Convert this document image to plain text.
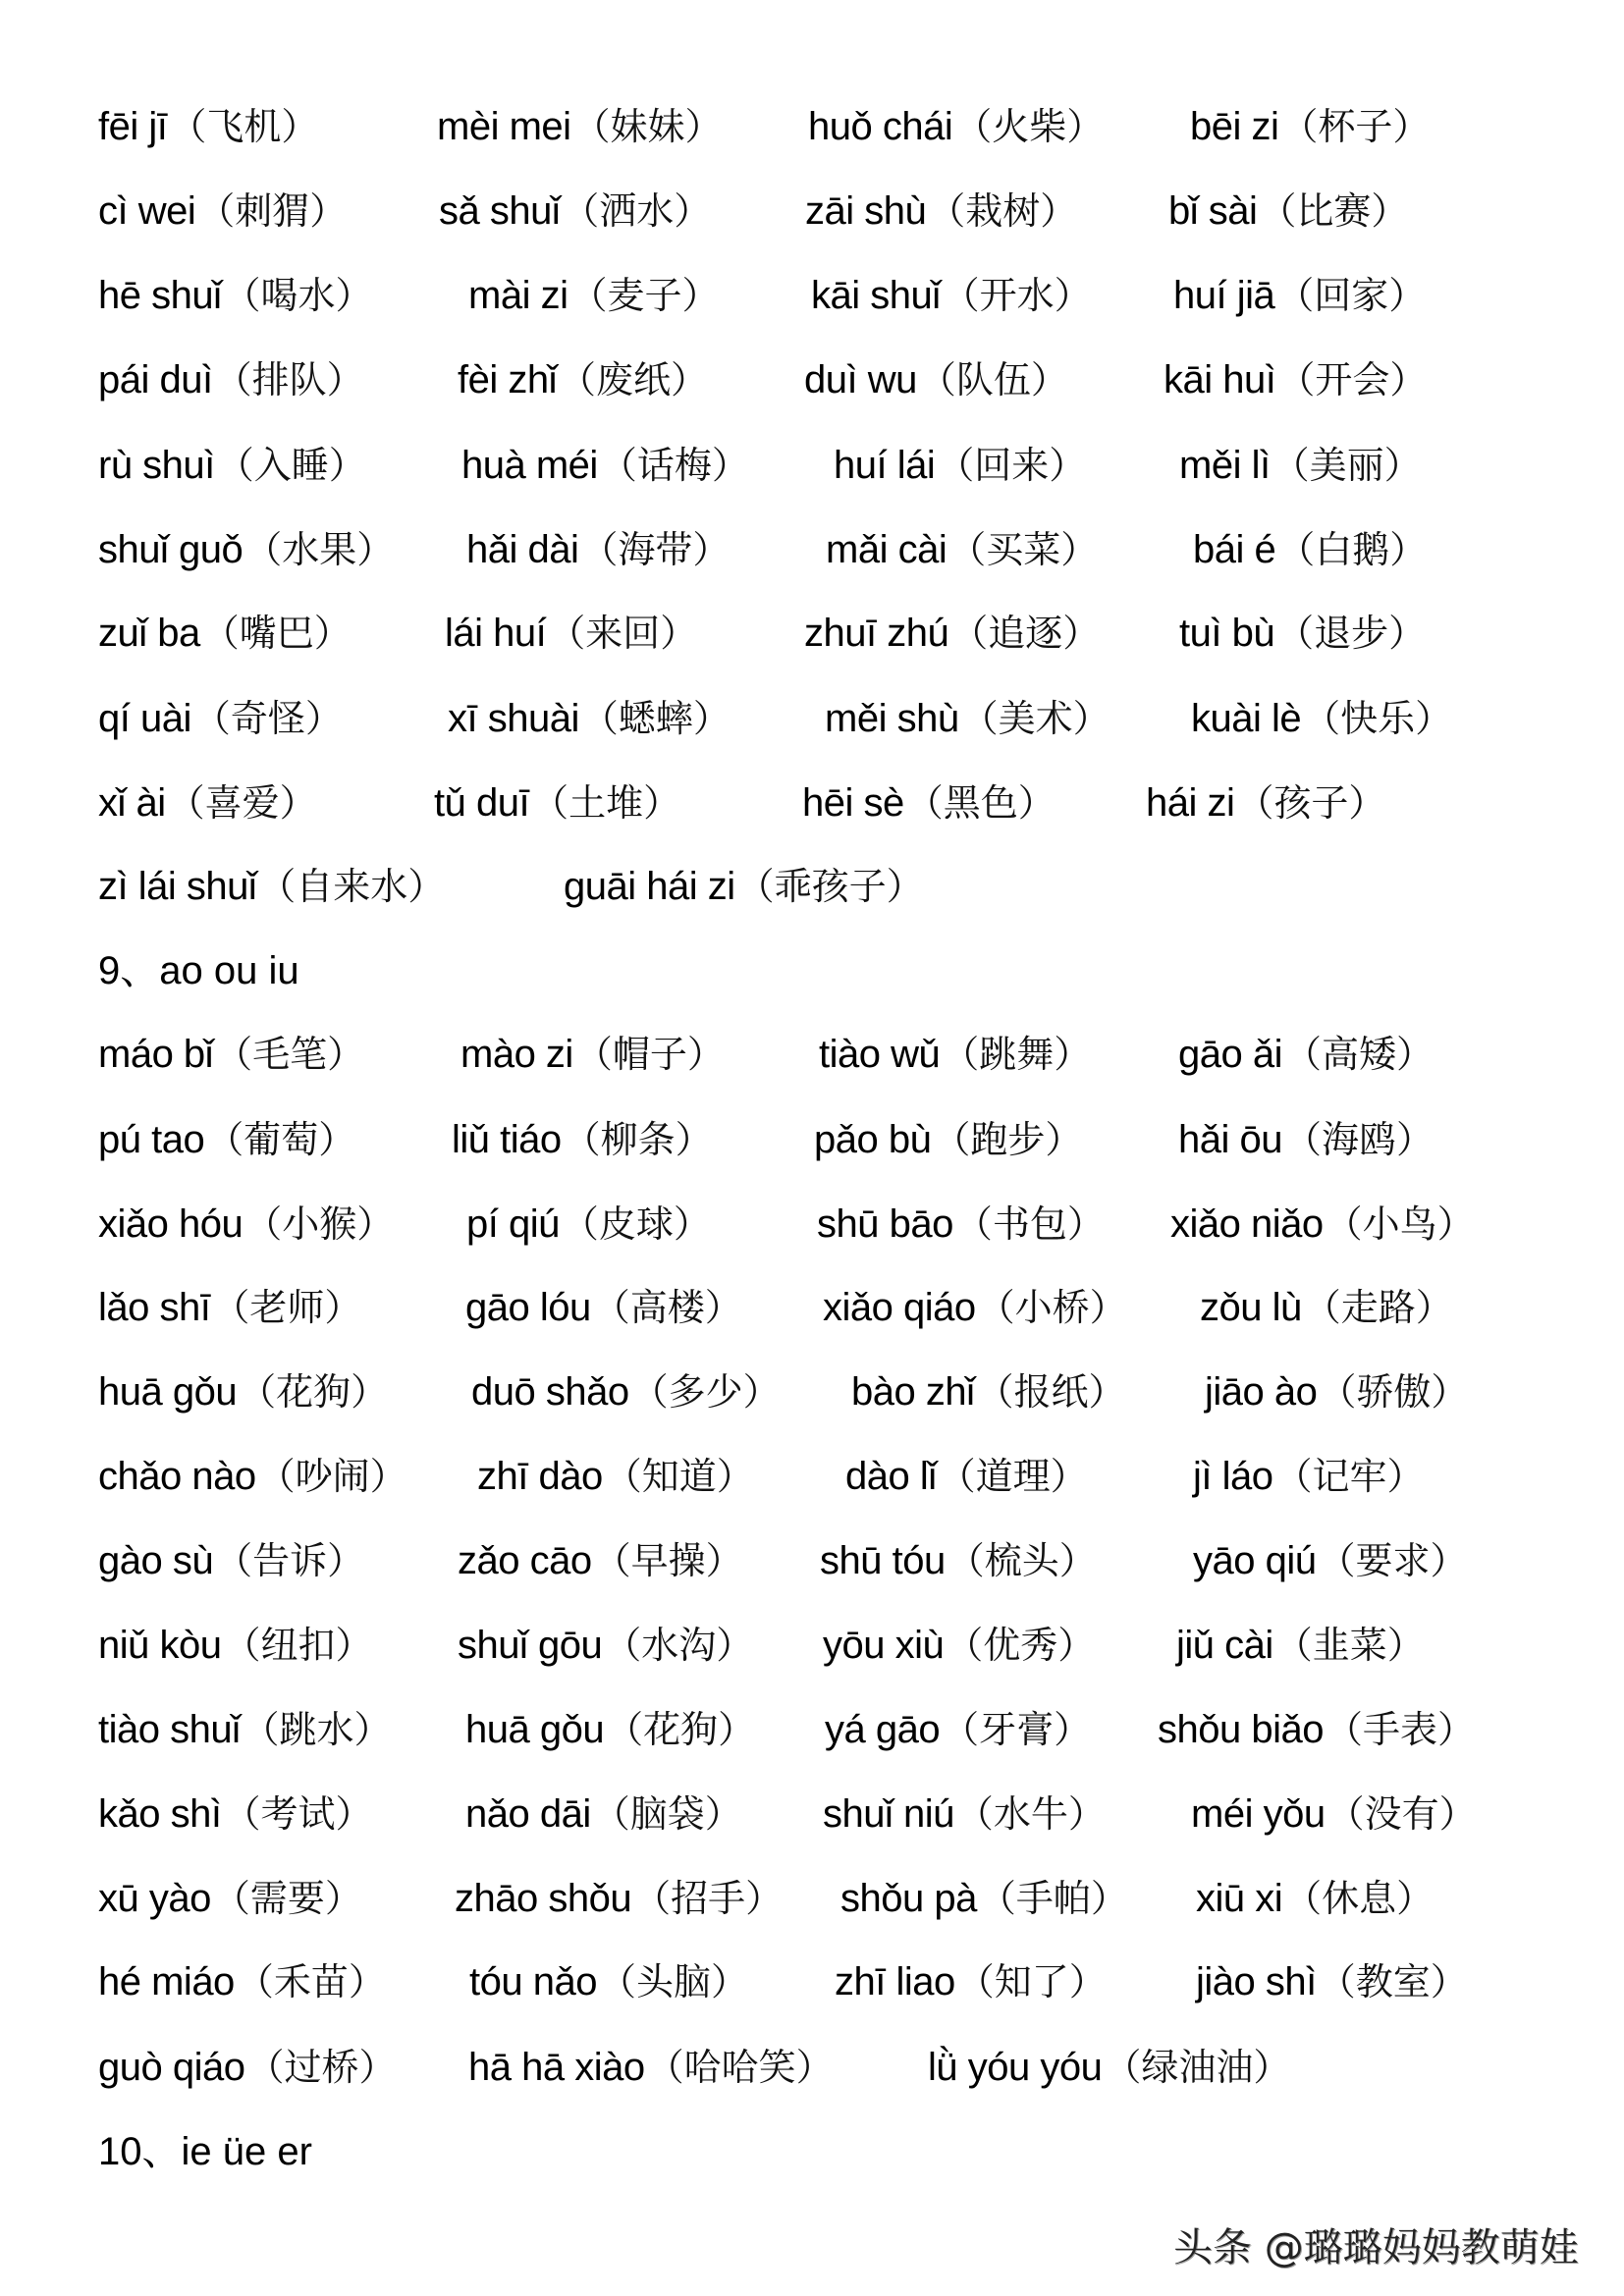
fēi jī（飞机）	mèi mei（妹妹） huǒ chái（火柴） bēi zi（杯子）
cì wei（刺猬） sǎ shuǐ（洒水） zāi shù（栽树） bǐ sài（比赛）
hē shuǐ（喝水） mài zi（麦子） kāi shuǐ（开水） huí jiā（回家）
pái duì（排队） fèi zhǐ（废纸） duì wu（队伍） kāi huì（开会）
rù shuì（入睡） huà méi（话梅） huí lái（回来） měi lì（美丽）
shuǐ guǒ（水果） hǎi dài（海带） mǎi cài（买菜） bái é（白鹅）
zuǐ ba（嘴巴） lái huí（来回）	zhuī zhú（追逐） tuì bù（退步）
qí uài（奇怪）	xī shuài（蟋蟀） měi shù（美术） kuài lè（快乐）
xǐ ài（喜爱）	tǔ duī（土堆）	hēi sè（黑色） hái zi（孩子）
zì lái shuǐ（自来水）	guāi hái zi（乖孩子）
9、ao ou iu
máo bǐ（毛笔） mào zi（帽子） tiào wǔ（跳舞） gāo ǎi（高矮）
pú tao（葡萄） liǔ tiáo（柳条）	pǎo bù（跑步） hǎi ōu（海鸥）
xiǎo hóu（小猴） pí qiú（皮球）	shū bāo（书包） xiǎo niǎo（小鸟）
lǎo shī（老师）	gāo lóu（高楼） xiǎo qiáo（小桥） zǒu lù（走路）
huā gǒu（花狗） duō shǎo（多少） bào zhǐ（报纸） jiāo ào（骄傲）
chǎo nào（吵闹） zhī dào（知道） dào lǐ（道理）	jì láo（记牢）
gào sù（告诉） zǎo cāo（早操） shū tóu（梳头） yāo qiú（要求）
niǔ kòu（纽扣） shuǐ gōu（水沟） yōu xiù（优秀） jiǔ cài（韭菜）
tiào shuǐ（跳水） huā gǒu（花狗） yá gāo（牙膏） shǒu biǎo（手表）
kǎo shì（考试） nǎo dāi（脑袋） shuǐ niú（水牛） méi yǒu（没有）
xū yào（需要） zhāo shǒu（招手） shǒu pà（手帕） xiū xi（休息）
hé miáo（禾苗） tóu nǎo（头脑） zhī liao（知了） jiào shì（教室）
guò qiáo（过桥） hā hā xiào（哈哈笑） lǜ yóu yóu（绿油油）
10、ie üe er
头条 @璐璐妈妈教萌娃
